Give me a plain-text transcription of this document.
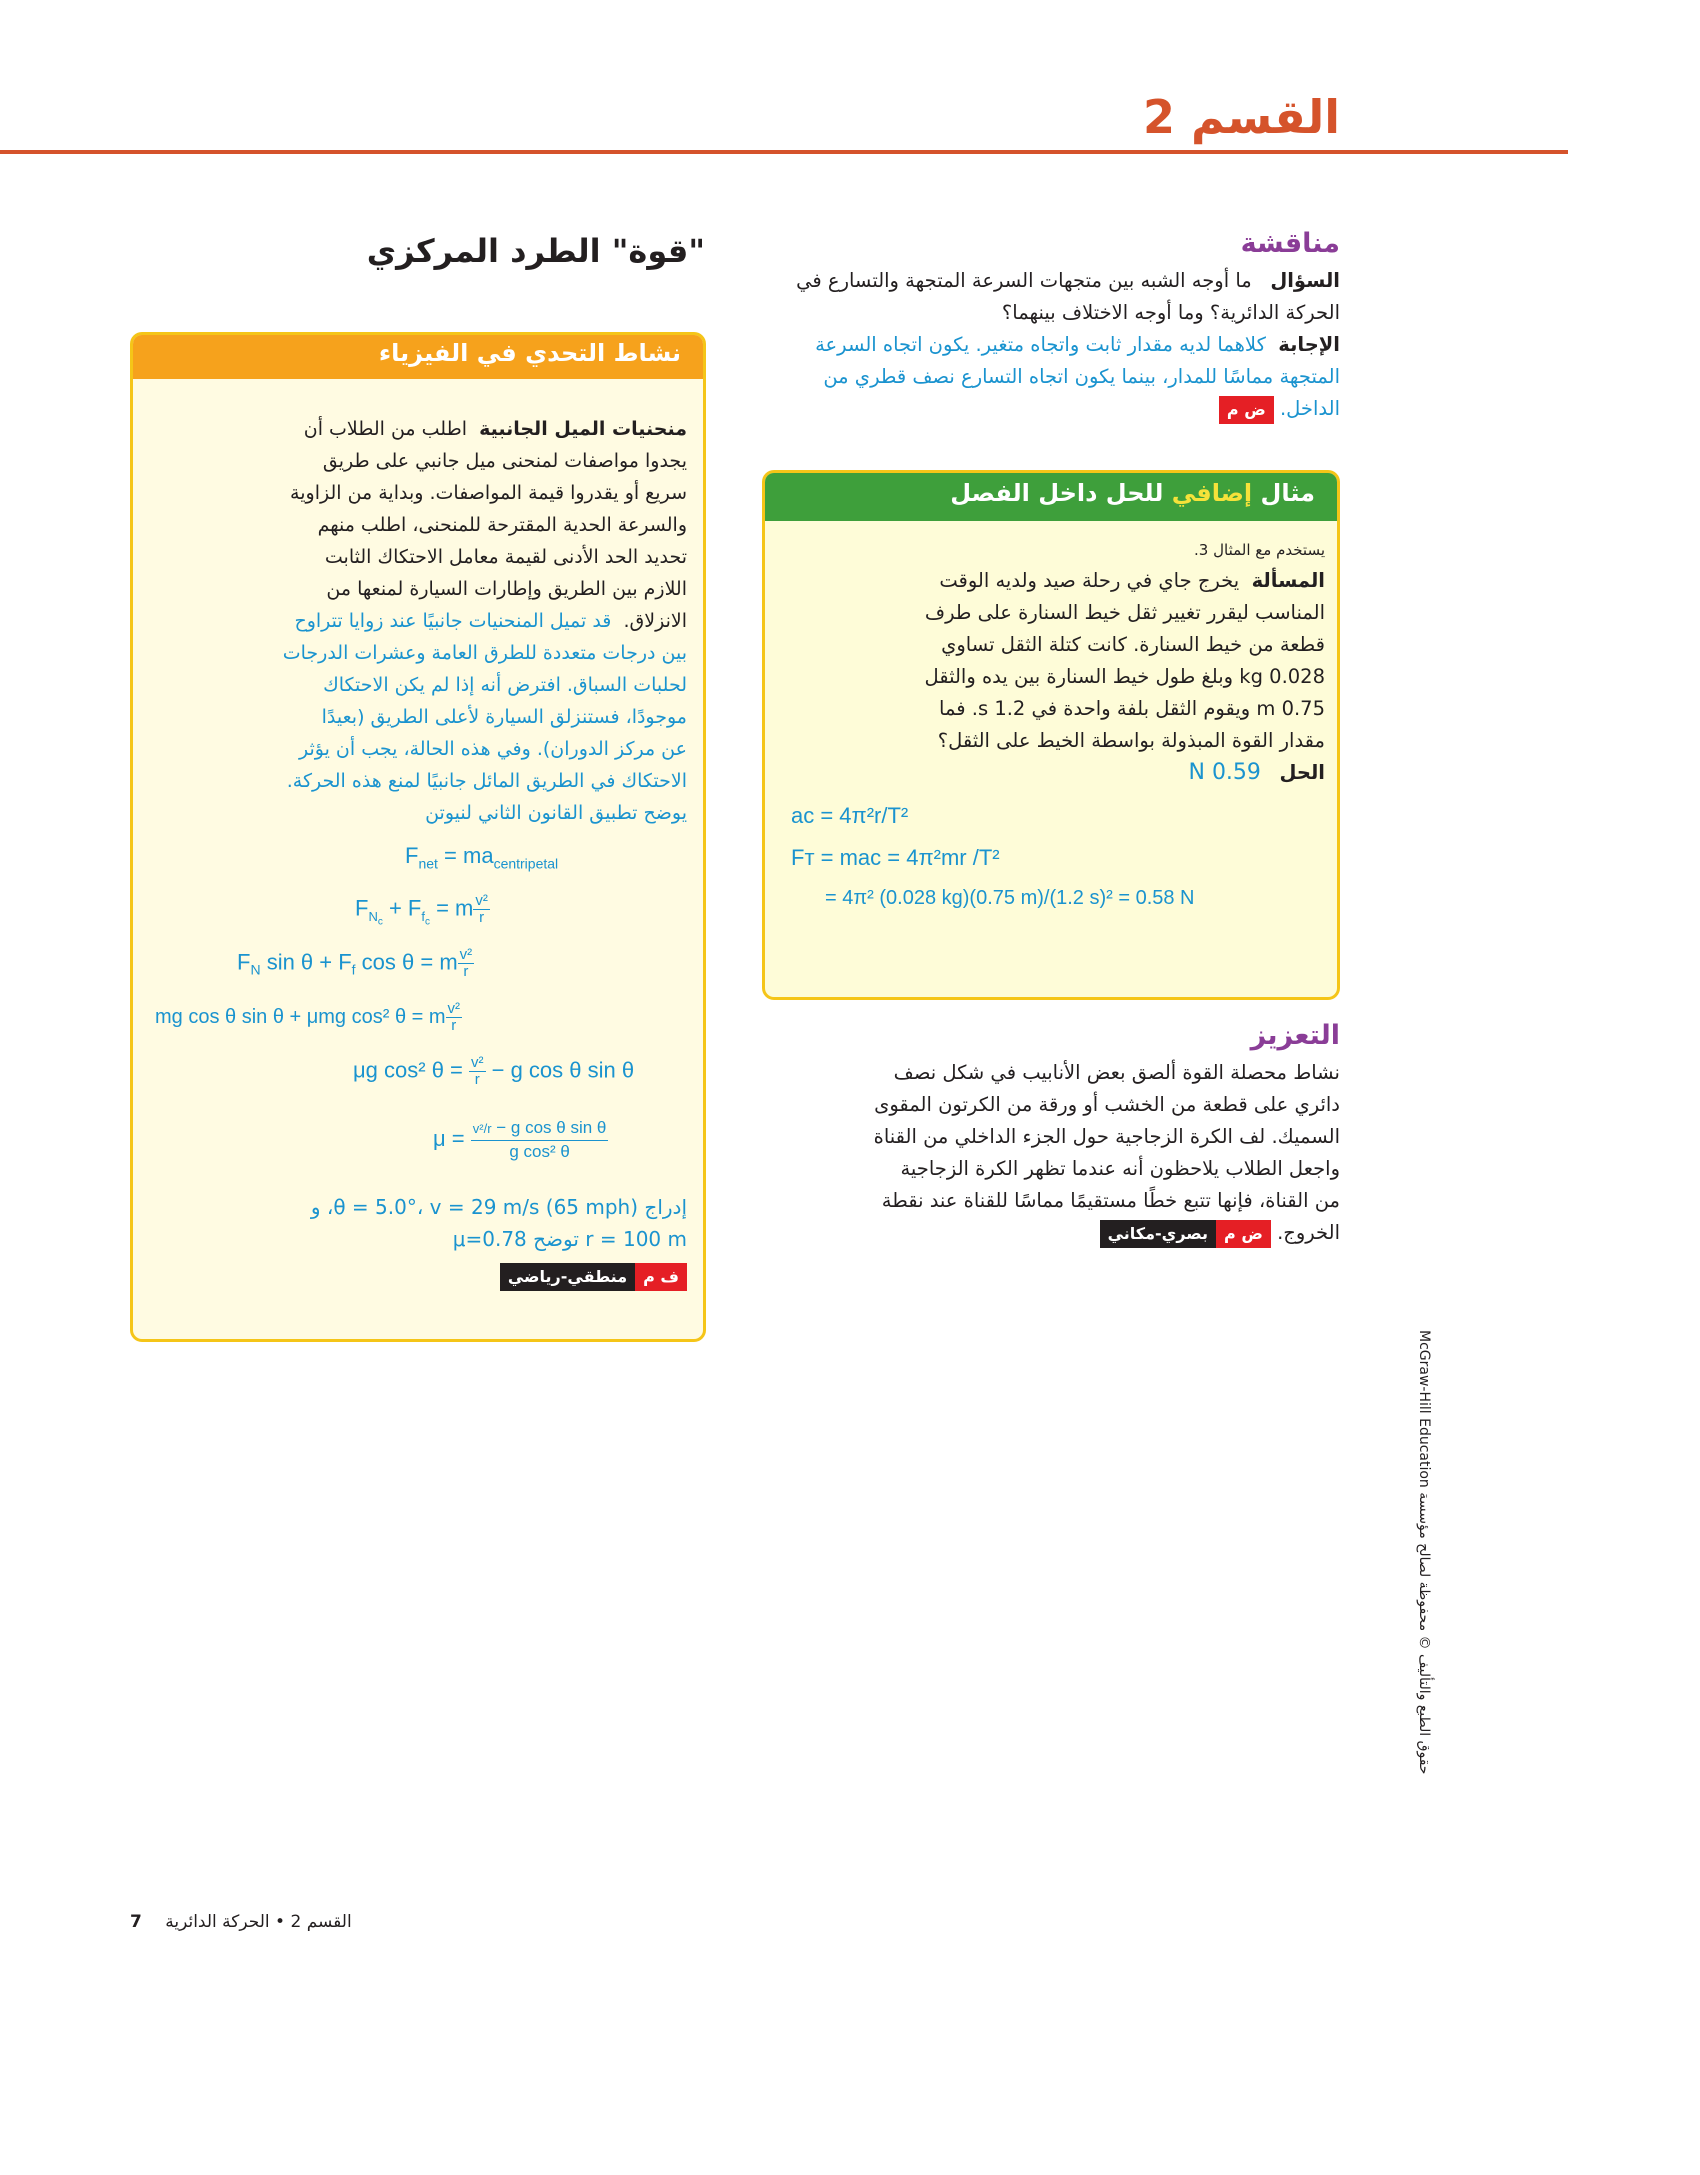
القسم 2
مناقشة
السؤال   ما أوجه الشبه بين متجهات السرعة المتجهة والتسارع في الحركة الدائرية؟ وما أوجه الاختلاف بينهما؟
الإجابة  كلاهما لديه مقدار ثابت واتجاه متغير. يكون اتجاه السرعة المتجهة مماسًا للمدار، بينما يكون اتجاه التسارع نصف قطري من الداخل. ض م
مثال إضافي للحل داخل الفصل
يستخدم مع المثال 3.
المسألة  يخرج جاي في رحلة صيد ولديه الوقت
المناسب ليقرر تغيير ثقل خيط السنارة على طرف
قطعة من خيط السنارة. كانت كتلة الثقل تساوي
0.028 kg وبلغ طول خيط السنارة بين يده والثقل
0.75 m ويقوم الثقل بلفة واحدة في 1.2 s. فما
مقدار القوة المبذولة بواسطة الخيط على الثقل؟
الحل   0.59 N
aᴄ = 4π²r/T²
Fᴛ = maᴄ = 4π²mr /T²
= 4π² (0.028 kg)(0.75 m)/(1.2 s)² = 0.58 N
التعزيز
نشاط محصلة القوة ألصق بعض الأنابيب في شكل نصف
دائري على قطعة من الخشب أو ورقة من الكرتون المقوى
السميك. لف الكرة الزجاجية حول الجزء الداخلي من القناة
واجعل الطلاب يلاحظون أنه عندما تظهر الكرة الزجاجية
من القناة، فإنها تتبع خطًا مستقيمًا مماسًا للقناة عند نقطة
الخروج. ض مبصري-مكاني
"قوة" الطرد المركزي
نشاط التحدي في الفيزياء
منحنيات الميل الجانبية  اطلب من الطلاب أن
يجدوا مواصفات لمنحنى ميل جانبي على طريق
سريع أو يقدروا قيمة المواصفات. وبداية من الزاوية
والسرعة الحدية المقترحة للمنحنى، اطلب منهم
تحديد الحد الأدنى لقيمة معامل الاحتكاك الثابت
اللازم بين الطريق وإطارات السيارة لمنعها من
الانزلاق.  قد تميل المنحنيات جانبيًا عند زوايا تتراوح
بين درجات متعددة للطرق العامة وعشرات الدرجات
لحلبات السباق. افترض أنه إذا لم يكن الاحتكاك
موجودًا، فستنزلق السيارة لأعلى الطريق (بعيدًا
عن مركز الدوران). وفي هذه الحالة، يجب أن يؤثر
الاحتكاك في الطريق المائل جانبيًا لمنع هذه الحركة.
يوضح تطبيق القانون الثاني لنيوتن
$F_{net} = ma_{centripetal}$
$F_{N_c} + F_{f_c} = m \frac{\text{v²}}{r}$
$F_N$ $\sin \theta + F_f$ cos θ = m $\frac{\text{v²}}{r}$
mg cos θ sin θ + μmg cos² θ = m $\frac{\text{v²}}{r}$
μg cos² $\theta = \frac{\text{v²}}{r} - g$ cos θ sin θ
$\mu = \frac{\text{v²/r − g cos θ sin θ}}{\text{g cos² θ}}$
إدراج θ = 5.0°، v = 29 m/s (65 mph)، و
r = 100 m توضح μ=0.78
ف ممنطقي-رياضي
حقوق الطبع والتأليف © محفوظة لصالح مؤسسة McGraw-Hill Education
القسم 2 • الحركة الدائرية 7
